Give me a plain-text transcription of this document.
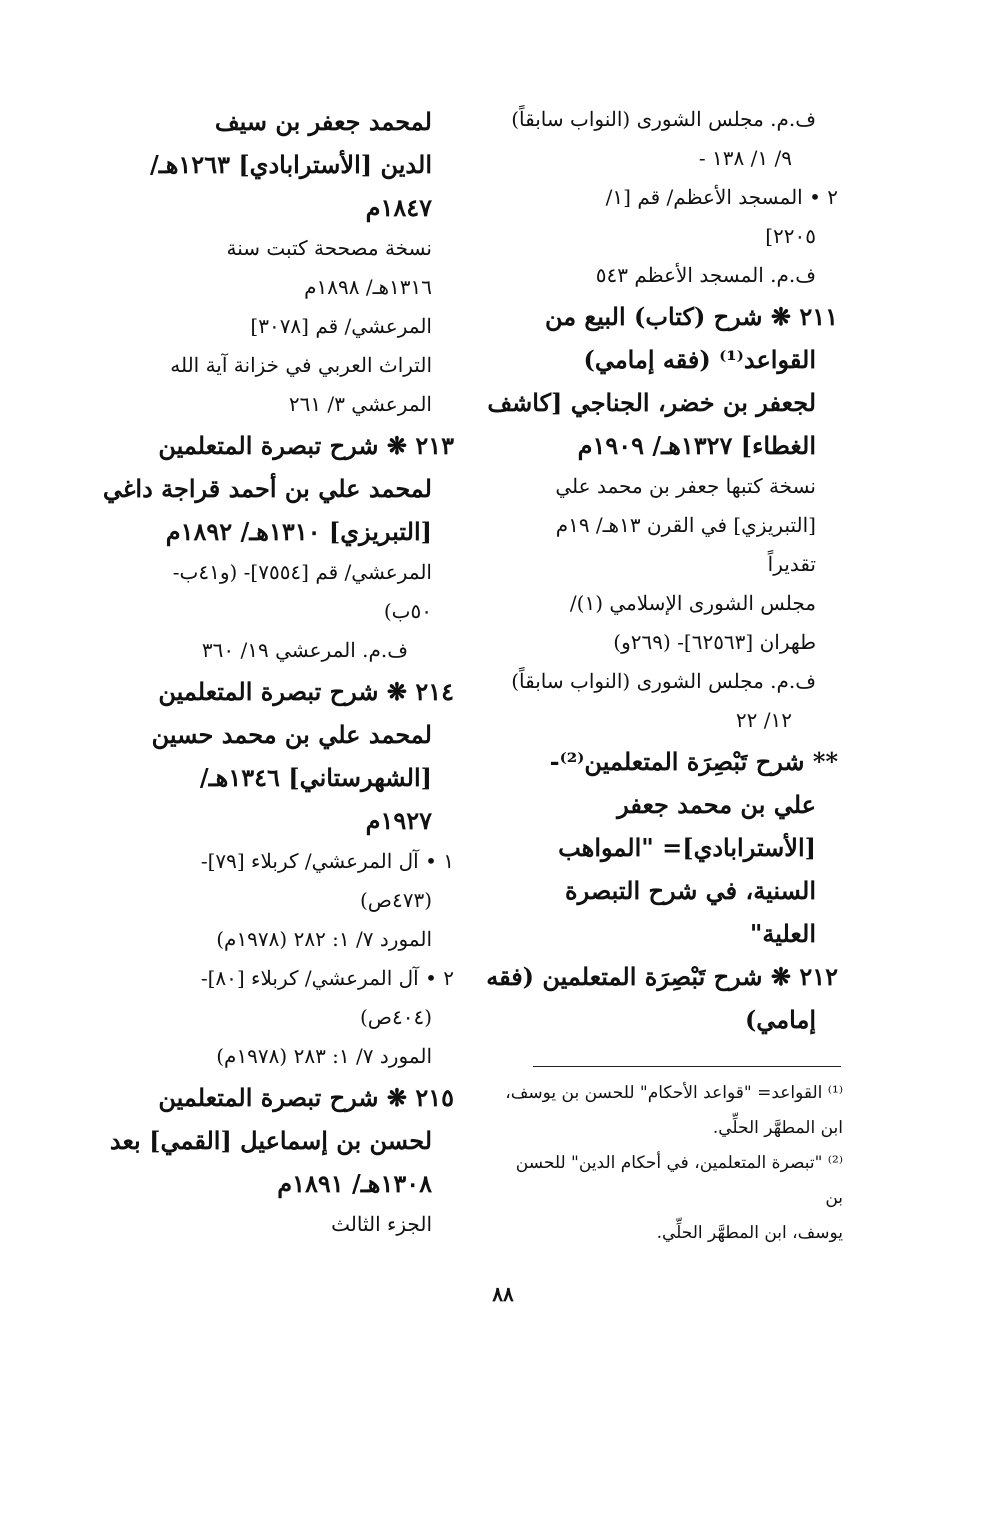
ف.م. مجلس الشورى (النواب سابقاً)
٩/ ١/ ١٣٨ -
٢ • المسجد الأعظم/ قم [١/
٢٢٠٥]
ف.م. المسجد الأعظم ٥٤٣
٢١١ ❋ شرح (كتاب) البيع من
القواعد⁽¹⁾ (فقه إمامي)
لجعفر بن خضر، الجناجي [كاشف
الغطاء] ١٣٢٧هـ/ ١٩٠٩م
نسخة كتبها جعفر بن محمد علي
[التبريزي] في القرن ١٣هـ/ ١٩م
تقديراً
مجلس الشورى الإسلامي (١)/
طهران [٦٢٥٦٣]- (٢٦٩و)
ف.م. مجلس الشورى (النواب سابقاً)
١٢/ ٢٢
** شرح تَبْصِرَة المتعلمين⁽²⁾-
علي بن محمد جعفر
[الأسترابادي]= "المواهب
السنية، في شرح التبصرة
العلية"
٢١٢ ❋ شرح تَبْصِرَة المتعلمين (فقه
إمامي)
لمحمد جعفر بن سيف
الدين [الأسترابادي] ١٢٦٣هـ/
١٨٤٧م
نسخة مصححة كتبت سنة
١٣١٦هـ/ ١٨٩٨م
المرعشي/ قم [٣٠٧٨]
التراث العربي في خزانة آية الله
المرعشي ٣/ ٢٦١
٢١٣ ❋ شرح تبصرة المتعلمين
لمحمد علي بن أحمد قراجة داغي
[التبريزي] ١٣١٠هـ/ ١٨٩٢م
المرعشي/ قم [٧٥٥٤]- (و٤١ب-
٥٠ب)
ف.م. المرعشي ١٩/ ٣٦٠
٢١٤ ❋ شرح تبصرة المتعلمين
لمحمد علي بن محمد حسين
[الشهرستاني] ١٣٤٦هـ/
١٩٢٧م
١ • آل المرعشي/ كربلاء [٧٩]-
(٤٧٣ص)
المورد ٧/ ١: ٢٨٢ (١٩٧٨م)
٢ • آل المرعشي/ كربلاء [٨٠]-
(٤٠٤ص)
المورد ٧/ ١: ٢٨٣ (١٩٧٨م)
٢١٥ ❋ شرح تبصرة المتعلمين
لحسن بن إسماعيل [القمي] بعد
١٣٠٨هـ/ ١٨٩١م
الجزء الثالث
⁽¹⁾ القواعد= "قواعد الأحكام" للحسن بن يوسف،
ابن المطهَّر الحلِّي.
⁽²⁾ "تبصرة المتعلمين، في أحكام الدين" للحسن بن
يوسف، ابن المطهَّر الحلِّي.
٨٨
